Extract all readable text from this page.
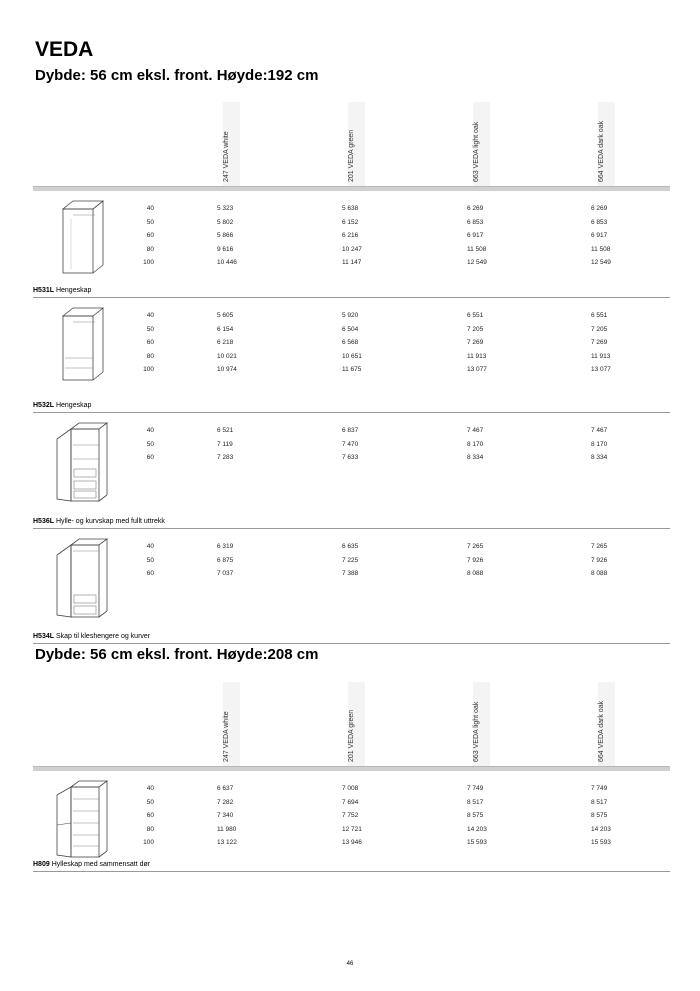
VEDA
Dybde: 56 cm eksl. front. Høyde:192 cm
247 VEDA white	201 VEDA green	663 VEDA light oak	664 VEDA dark oak
40	5 323	5 638	6 269	6 269
50	5 802	6 152	6 853	6 853
60	5 866	6 216	6 917	6 917
80	9 616	10 247	11 508	11 508
100	10 446	11 147	12 549	12 549
H531L Hengeskap
40	5 605	5 920	6 551	6 551
50	6 154	6 504	7 205	7 205
60	6 218	6 568	7 269	7 269
80	10 021	10 651	11 913	11 913
100	10 974	11 675	13 077	13 077
H532L Hengeskap
40	6 521	6 837	7 467	7 467
50	7 119	7 470	8 170	8 170
60	7 283	7 633	8 334	8 334
H536L Hylle- og kurvskap med fullt uttrekk
40	6 319	6 635	7 265	7 265
50	6 875	7 225	7 926	7 926
60	7 037	7 388	8 088	8 088
H534L Skap til kleshengere og kurver
Dybde: 56 cm eksl. front. Høyde:208 cm
247 VEDA white	201 VEDA green	663 VEDA light oak	664 VEDA dark oak
40	6 637	7 008	7 749	7 749
50	7 282	7 694	8 517	8 517
60	7 340	7 752	8 575	8 575
80	11 980	12 721	14 203	14 203
100	13 122	13 946	15 593	15 593
H809 Hylleskap med sammensatt dør
46
